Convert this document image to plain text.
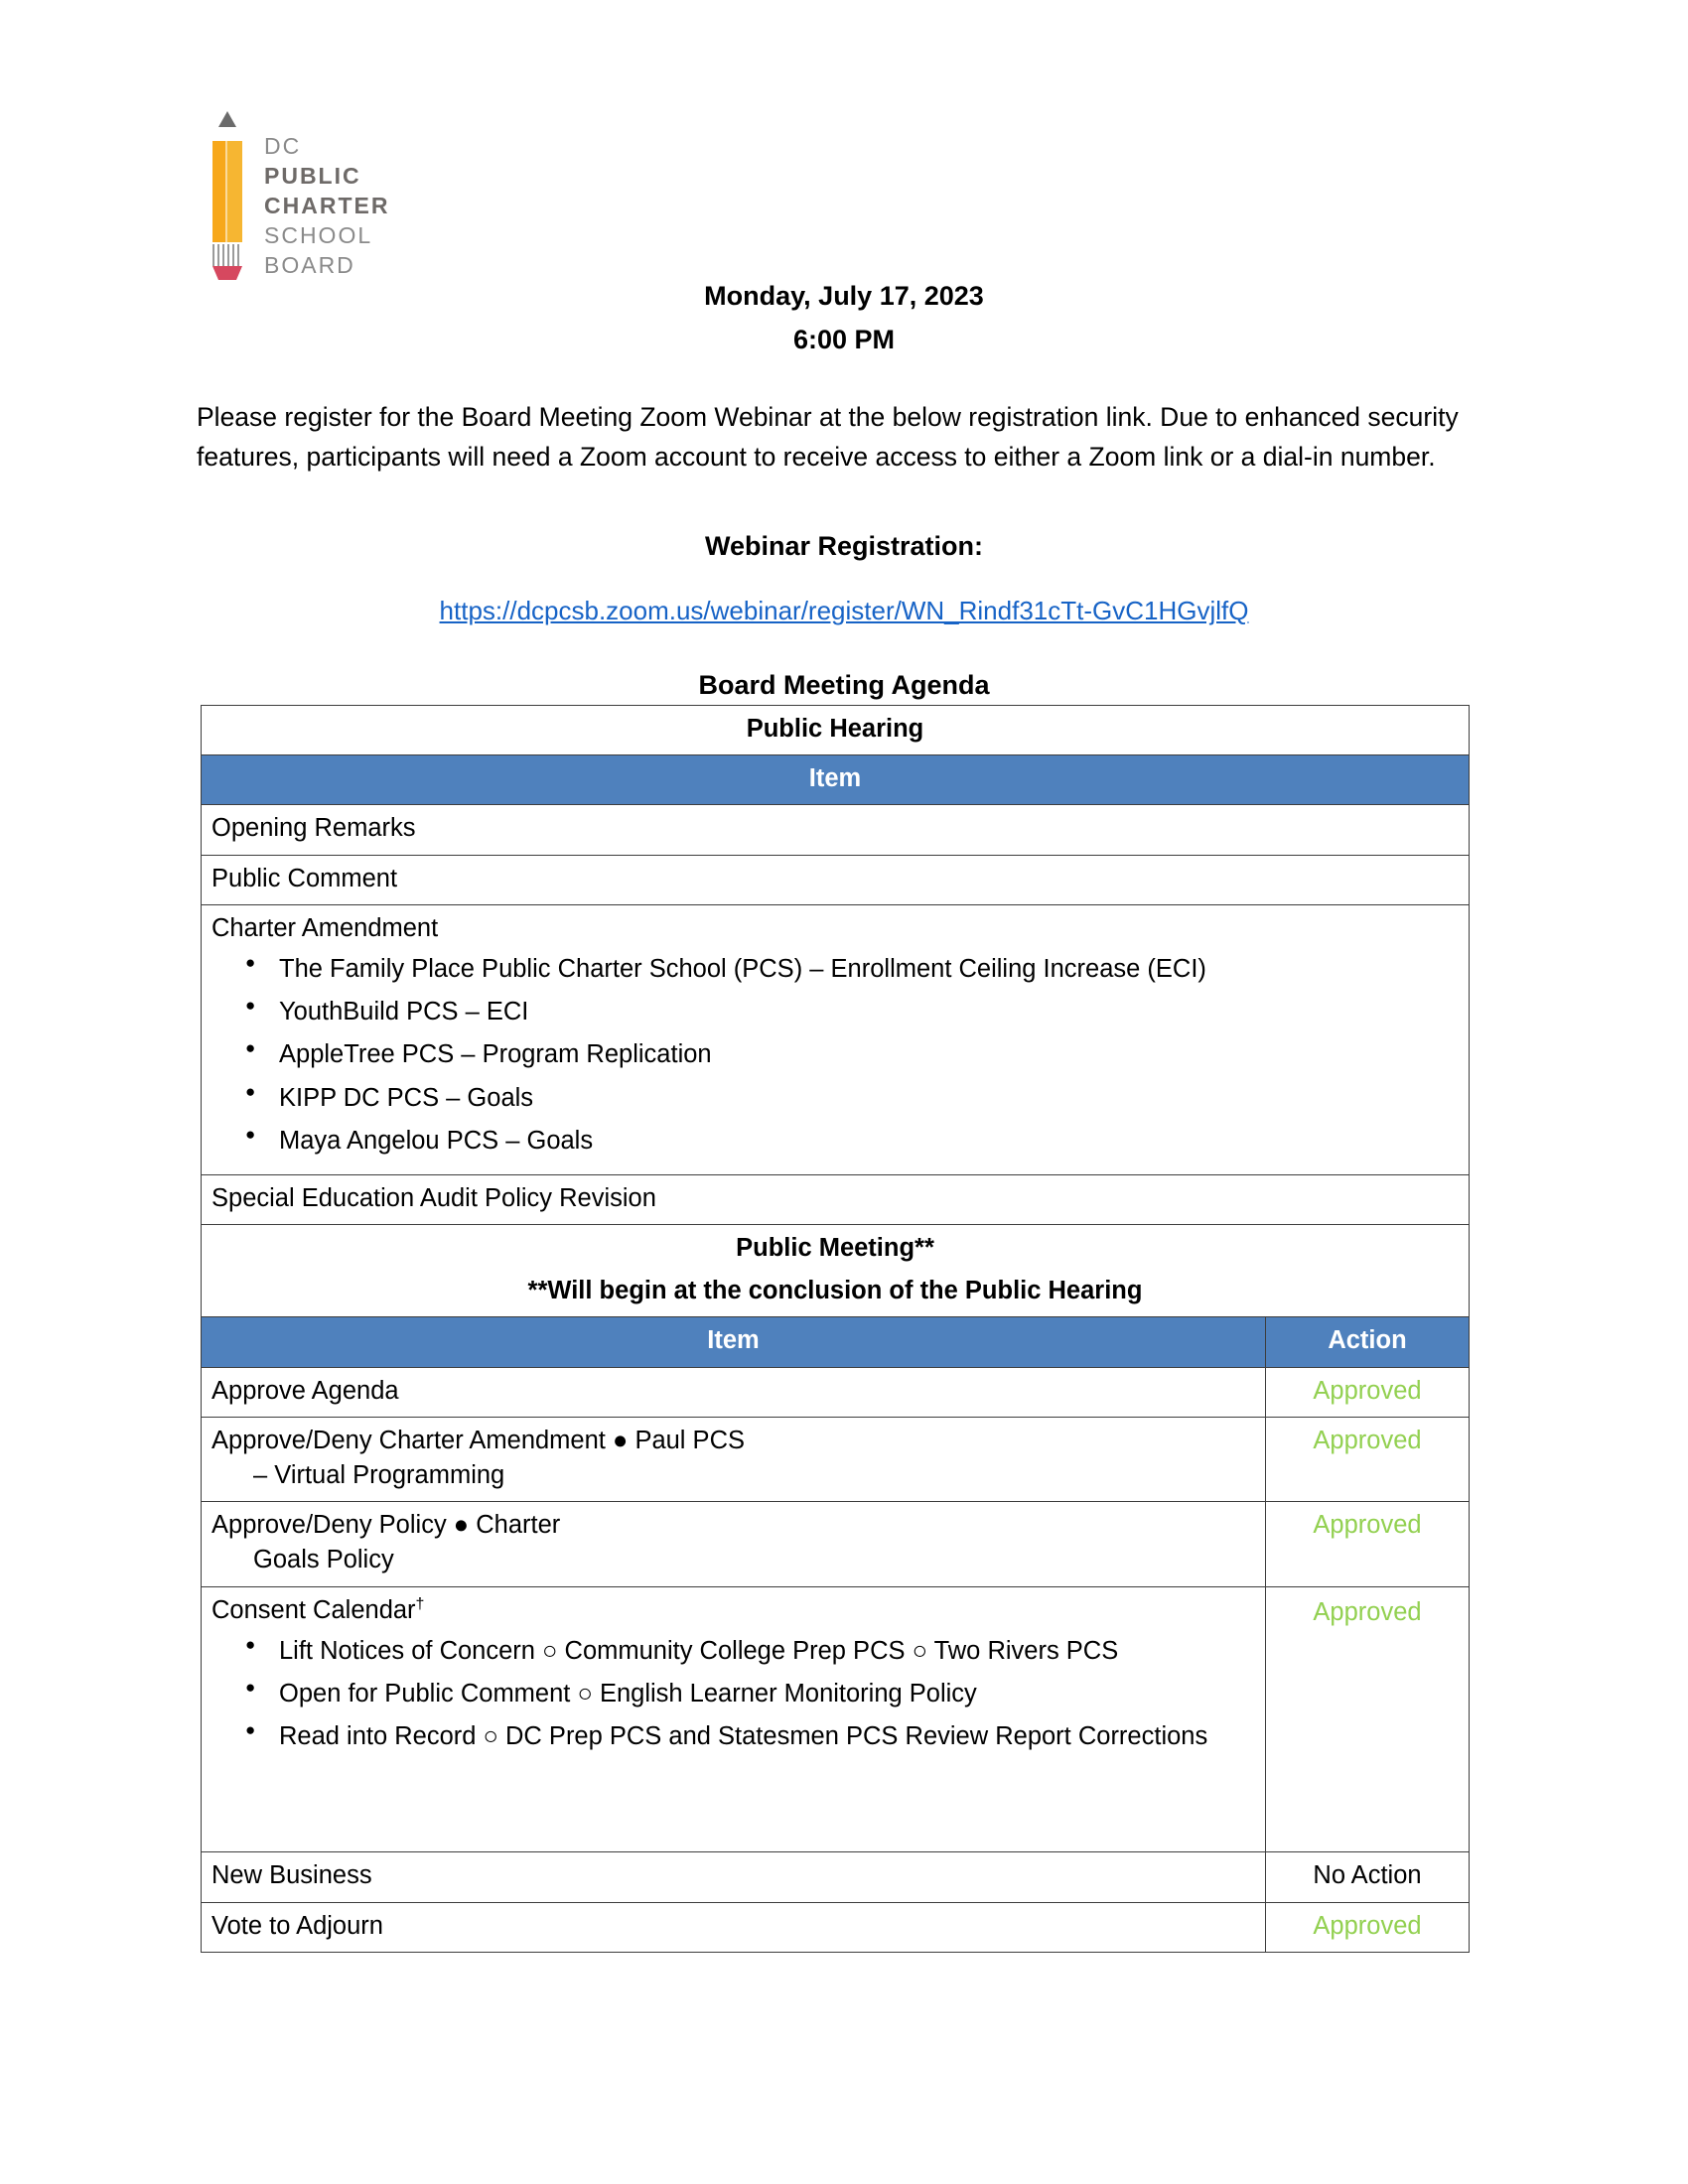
DC
PUBLIC
CHARTER
SCHOOL
BOARD
Monday, July 17, 2023
6:00 PM
Please register for the Board Meeting Zoom Webinar at the below registration link. Due to enhanced security features, participants will need a Zoom account to receive access to either a Zoom link or a dial-in number.
Webinar Registration:
https://dcpcsb.zoom.us/webinar/register/WN_Rindf31cTt-GvC1HGvjlfQ
Board Meeting Agenda
Public Hearing	
Item	
Opening Remarks	
Public Comment	

Charter Amendment
● The Family Place Public Charter School (PCS) – Enrollment Ceiling Increase (ECI)
● YouthBuild PCS – ECI
● AppleTree PCS – Program Replication
● KIPP DC PCS – Goals
● Maya Angelou PCS – Goals

Special Education Audit Policy Revision	

Public Meeting**
**Will begin at the conclusion of the Public Hearing	

Item	Action
Approve Agenda	Approved

Approve/Deny Charter Amendment ● Paul PCS
– Virtual Programming	Approved

Approve/Deny Policy ● Charter
Goals Policy	Approved

Consent Calendar†
● Lift Notices of Concern ○ Community College Prep PCS ○ Two Rivers PCS
● Open for Public Comment ○ English Learner Monitoring Policy
● Read into Record ○ DC Prep PCS and Statesmen PCS Review Report Corrections
	Approved
New Business	No Action
Vote to Adjourn	Approved
